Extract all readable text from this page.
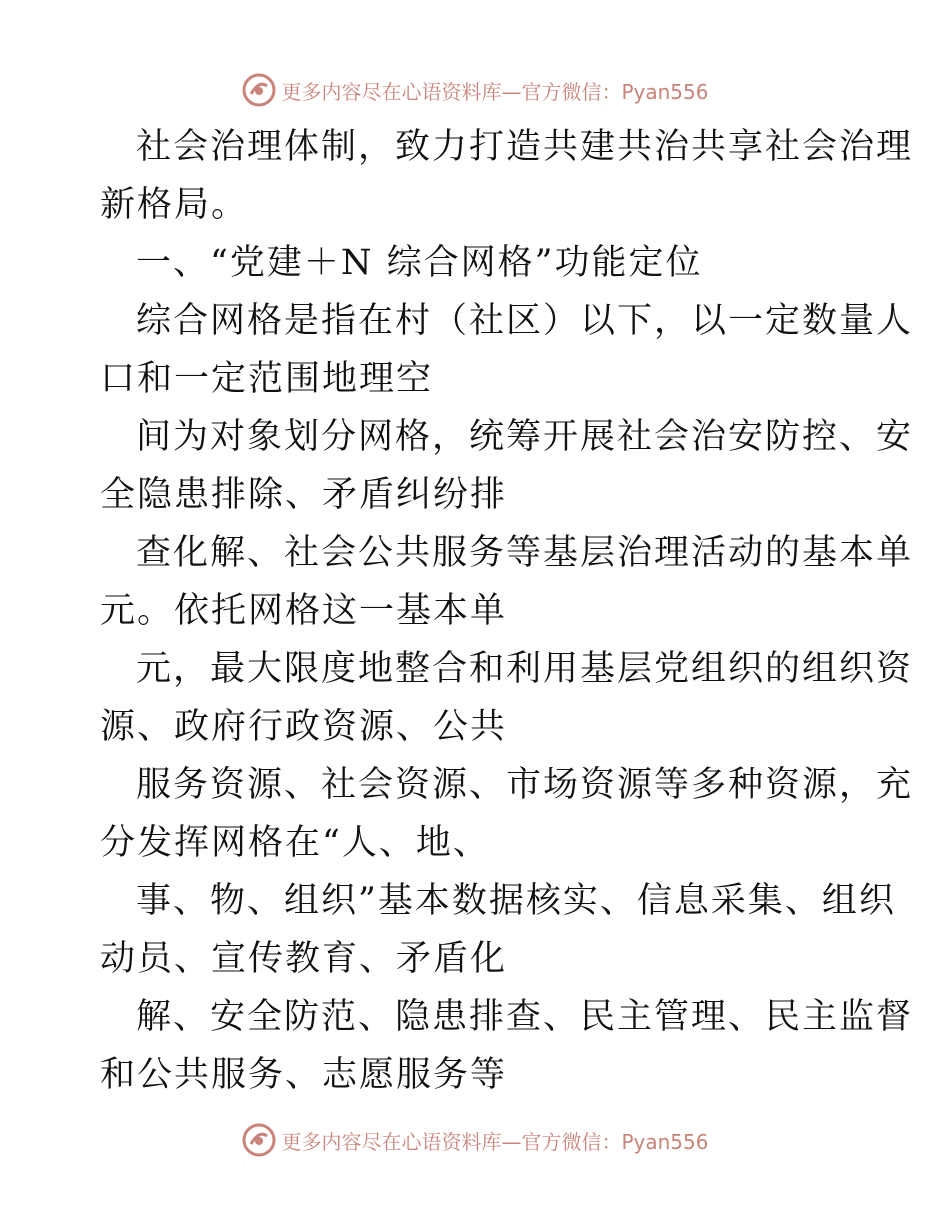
更多内容尽在心语资料库—官方微信：Pyan556
社会治理体制，致力打造共建共治共享社会治理
新格局。
一、“党建＋N 综合网格”功能定位
综合网格是指在村（社区）以下，以一定数量人
口和一定范围地理空
间为对象划分网格，统筹开展社会治安防控、安
全隐患排除、矛盾纠纷排
查化解、社会公共服务等基层治理活动的基本单
元。依托网格这一基本单
元，最大限度地整合和利用基层党组织的组织资
源、政府行政资源、公共
服务资源、社会资源、市场资源等多种资源，充
分发挥网格在“人、地、
事、物、组织”基本数据核实、信息采集、组织
动员、宣传教育、矛盾化
解、安全防范、隐患排查、民主管理、民主监督
和公共服务、志愿服务等
更多内容尽在心语资料库—官方微信：Pyan556
